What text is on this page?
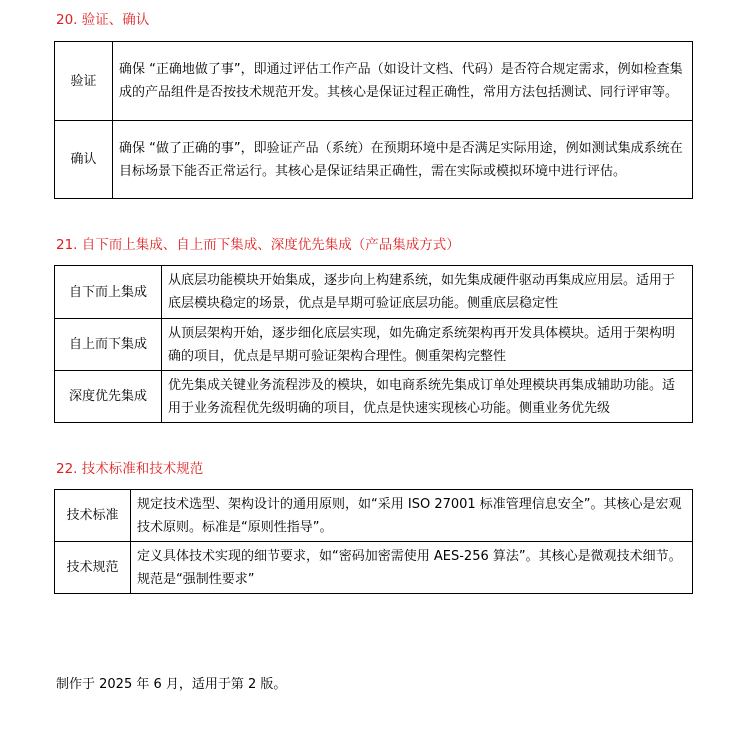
20. 验证、确认
验证	确保 “正确地做了事”，即通过评估工作产品（如设计文档、代码）是否符合规定需求，例如检查集成的产品组件是否按技术规范开发。其核心是保证过程正确性，常用方法包括测试、同行评审等。
确认	确保 “做了正确的事”，即验证产品（系统）在预期环境中是否满足实际用途，例如测试集成系统在目标场景下能否正常运行。其核心是保证结果正确性，需在实际或模拟环境中进行评估。
21. 自下而上集成、自上而下集成、深度优先集成（产品集成方式）
自下而上集成	从底层功能模块开始集成，逐步向上构建系统，如先集成硬件驱动再集成应用层。适用于底层模块稳定的场景，优点是早期可验证底层功能。侧重底层稳定性
自上而下集成	从顶层架构开始，逐步细化底层实现，如先确定系统架构再开发具体模块。适用于架构明确的项目，优点是早期可验证架构合理性。侧重架构完整性
深度优先集成	优先集成关键业务流程涉及的模块，如电商系统先集成订单处理模块再集成辅助功能。适用于业务流程优先级明确的项目，优点是快速实现核心功能。侧重业务优先级
22. 技术标准和技术规范
技术标准	规定技术选型、架构设计的通用原则，如“采用 ISO 27001 标准管理信息安全”。其核心是宏观技术原则。标准是“原则性指导”。
技术规范	定义具体技术实现的细节要求，如“密码加密需使用 AES-256 算法”。其核心是微观技术细节。规范是“强制性要求”
制作于 2025 年 6 月，适用于第 2 版。
